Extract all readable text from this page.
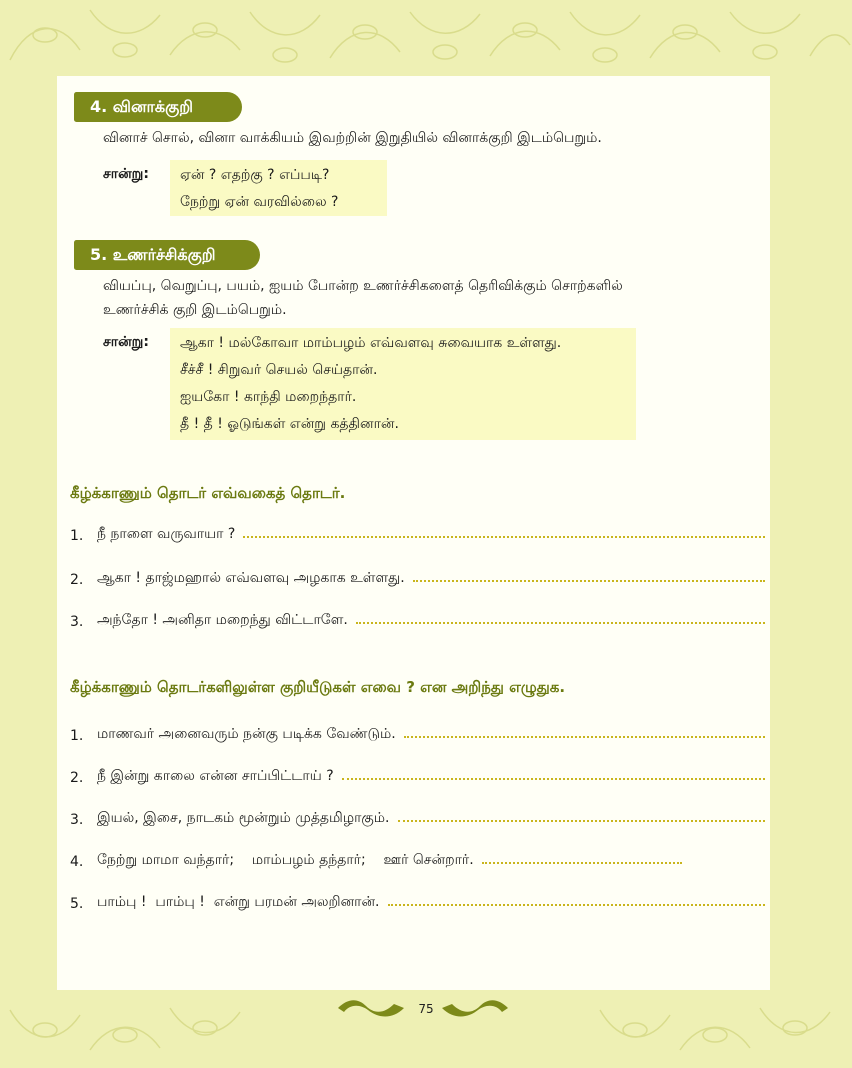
4. வினாக்குறி

வினாச் சொல், வினா வாக்கியம் இவற்றின் இறுதியில் வினாக்குறி இடம்பெறும்.

சான்று: ஏன் ? எதற்கு ? எப்படி?
நேற்று ஏன் வரவில்லை ?
5. உணர்ச்சிக்குறி
வியப்பு, வெறுப்பு, பயம், ஐயம் போன்ற உணர்ச்சிகளைத் தெரிவிக்கும் சொற்களில்
உணர்ச்சிக் குறி இடம்பெறும்.
சான்று: ஆகா ! மல்கோவா மாம்பழம் எவ்வளவு சுவையாக உள்ளது.
சீச்சீ ! சிறுவர் செயல் செய்தான்.
ஐயகோ ! காந்தி மறைந்தார்.
தீ ! தீ ! ஓடுங்கள் என்று கத்தினான்.
கீழ்க்காணும் தொடர் எவ்வகைத் தொடர்.
1. நீ நாளை வருவாயா ?
2. ஆகா ! தாஜ்மஹால் எவ்வளவு அழகாக உள்ளது.
3. அந்தோ ! அனிதா மறைந்து விட்டாளே.
கீழ்க்காணும் தொடர்களிலுள்ள குறியீடுகள் எவை ? என அறிந்து எழுதுக.
1. மாணவர் அனைவரும் நன்கு படிக்க வேண்டும்.
2. நீ இன்று காலை என்ன சாப்பிட்டாய் ?
3. இயல், இசை, நாடகம் மூன்றும் முத்தமிழாகும்.
4. நேற்று மாமா வந்தார்;    மாம்பழம் தந்தார்;    ஊர் சென்றார்.
5. பாம்பு !  பாம்பு !  என்று பரமன் அலறினான்.
75
